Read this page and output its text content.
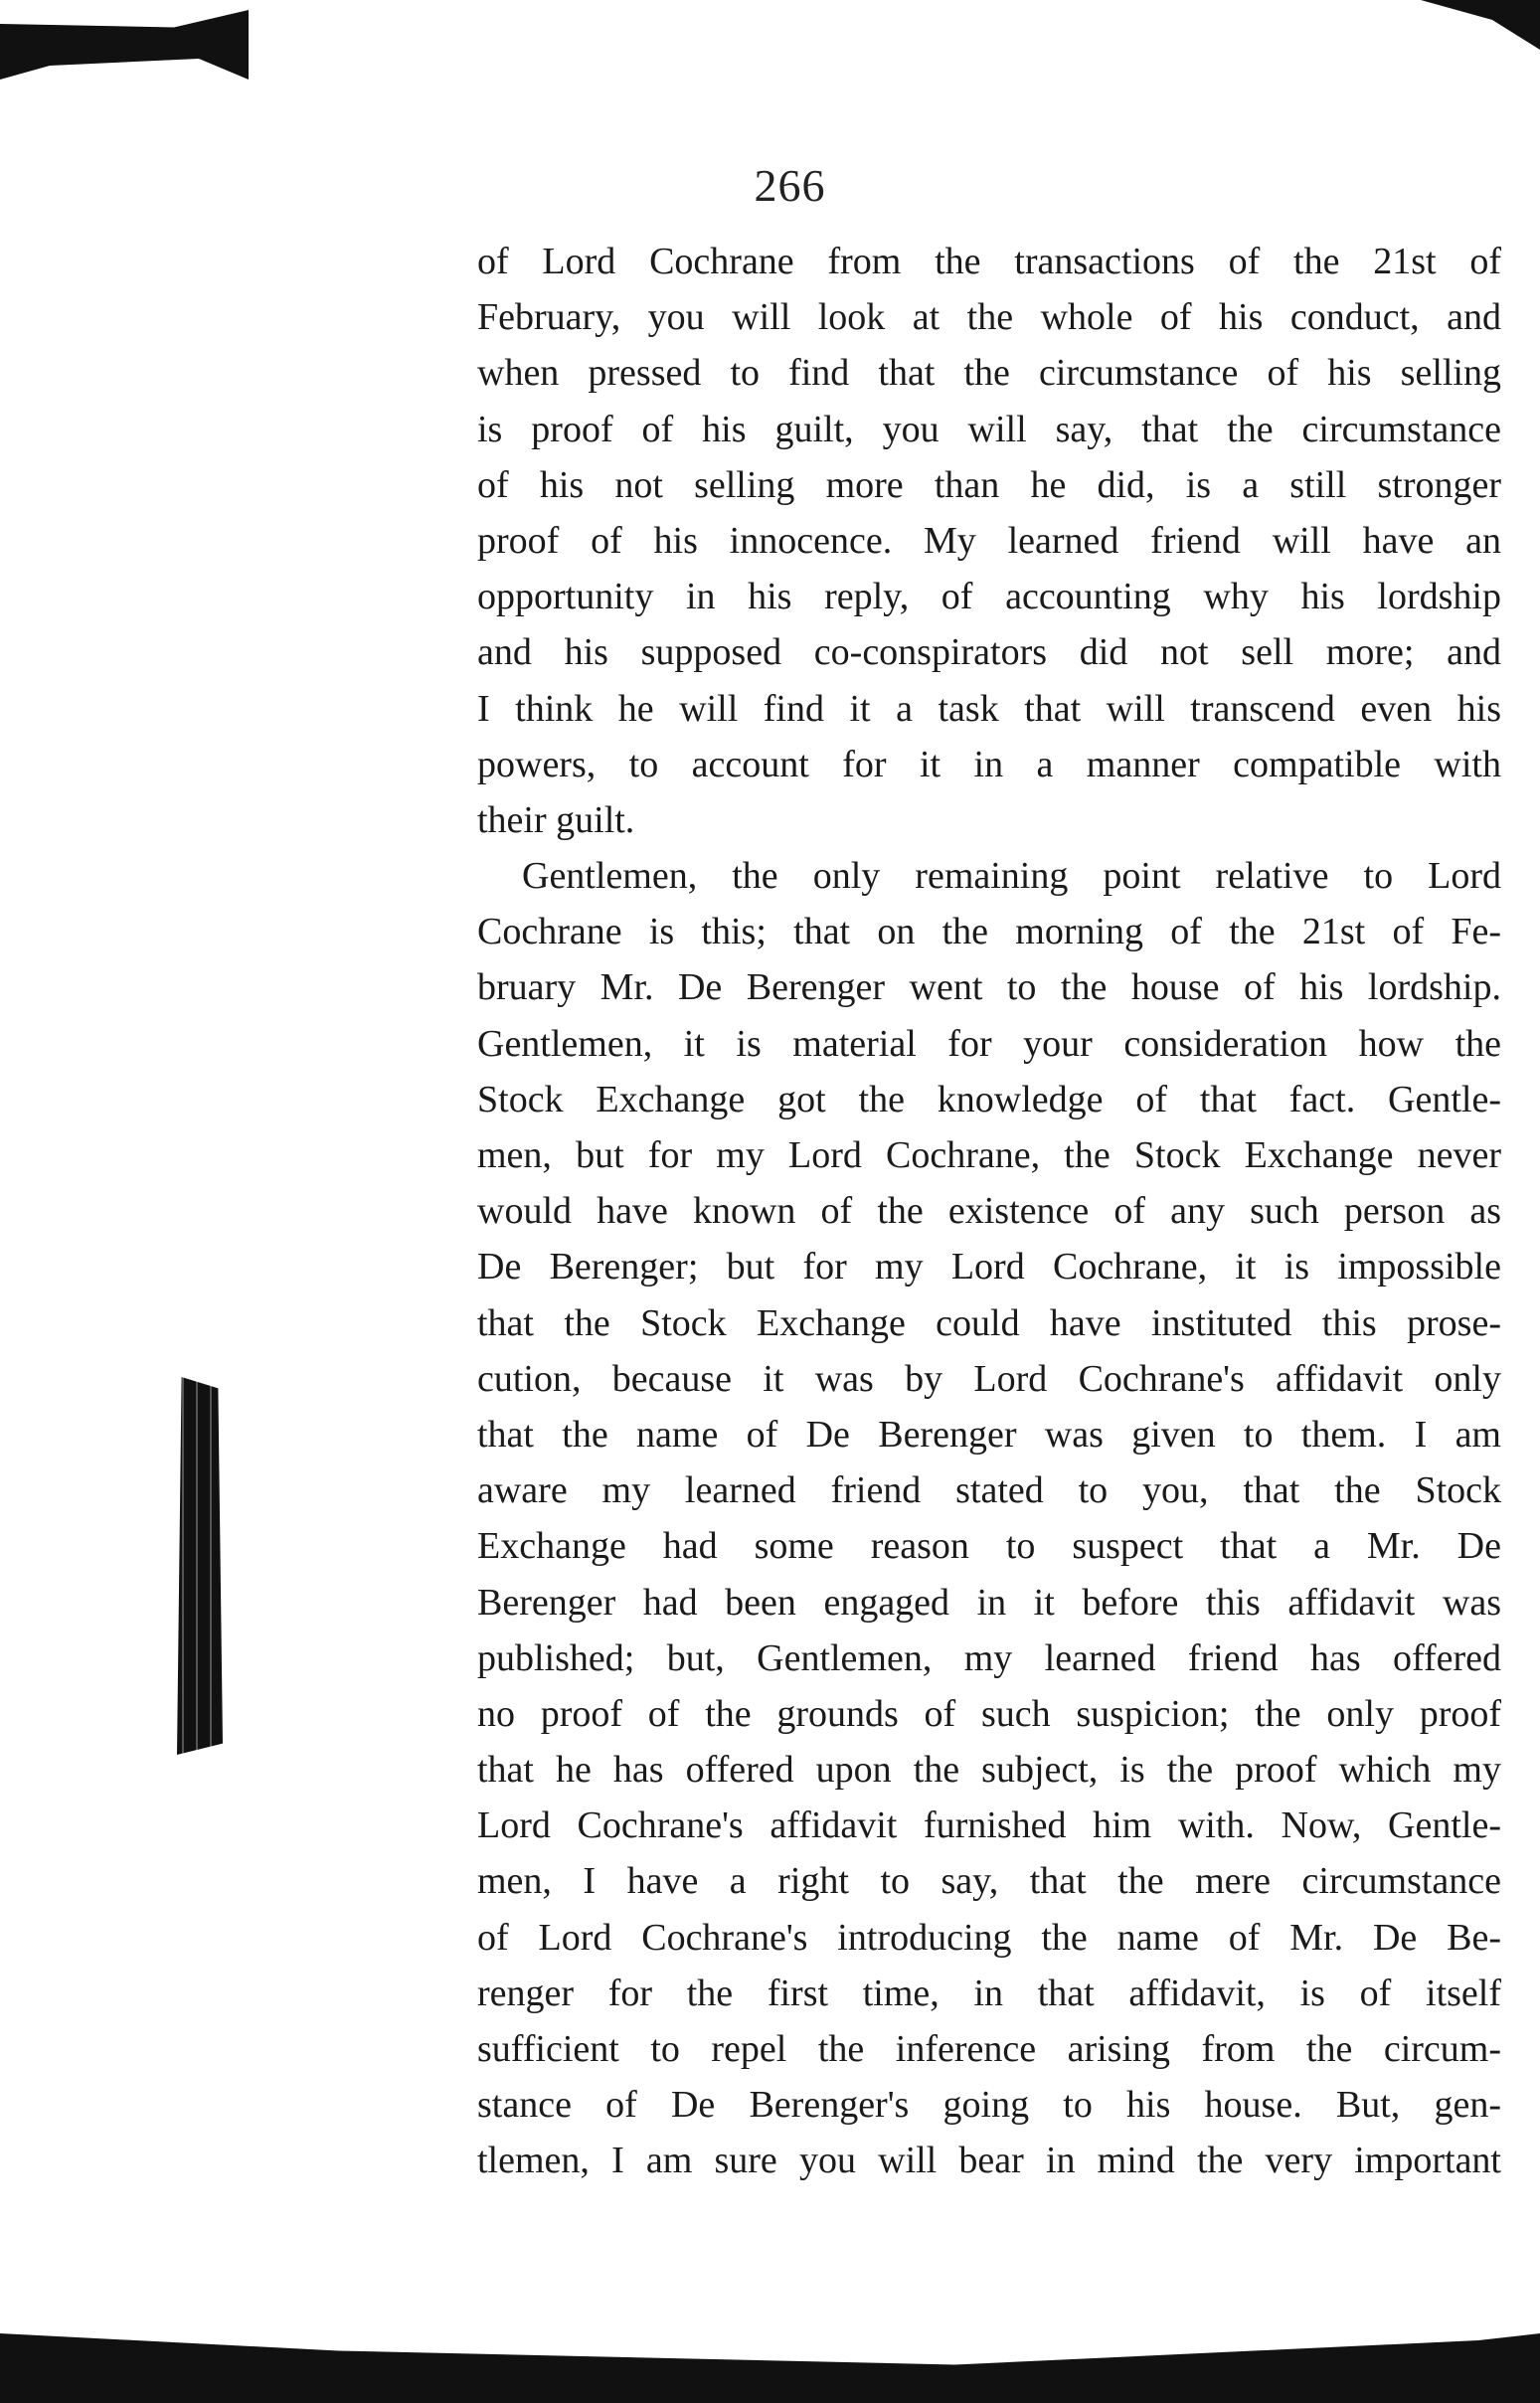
266
of Lord Cochrane from the transactions of the 21st of
February, you will look at the whole of his conduct, and
when pressed to find that the circumstance of his selling
is proof of his guilt, you will say, that the circumstance
of his not selling more than he did, is a still stronger
proof of his innocence. My learned friend will have an
opportunity in his reply, of accounting why his lordship
and his supposed co-conspirators did not sell more; and
I think he will find it a task that will transcend even his
powers, to account for it in a manner compatible with
their guilt.
Gentlemen, the only remaining point relative to Lord
Cochrane is this; that on the morning of the 21st of Fe-
bruary Mr. De Berenger went to the house of his lordship.
Gentlemen, it is material for your consideration how the
Stock Exchange got the knowledge of that fact. Gentle-
men, but for my Lord Cochrane, the Stock Exchange never
would have known of the existence of any such person as
De Berenger; but for my Lord Cochrane, it is impossible
that the Stock Exchange could have instituted this prose-
cution, because it was by Lord Cochrane's affidavit only
that the name of De Berenger was given to them. I am
aware my learned friend stated to you, that the Stock
Exchange had some reason to suspect that a Mr. De
Berenger had been engaged in it before this affidavit was
published; but, Gentlemen, my learned friend has offered
no proof of the grounds of such suspicion; the only proof
that he has offered upon the subject, is the proof which my
Lord Cochrane's affidavit furnished him with. Now, Gentle-
men, I have a right to say, that the mere circumstance
of Lord Cochrane's introducing the name of Mr. De Be-
renger for the first time, in that affidavit, is of itself
sufficient to repel the inference arising from the circum-
stance of De Berenger's going to his house. But, gen-
tlemen, I am sure you will bear in mind the very important
